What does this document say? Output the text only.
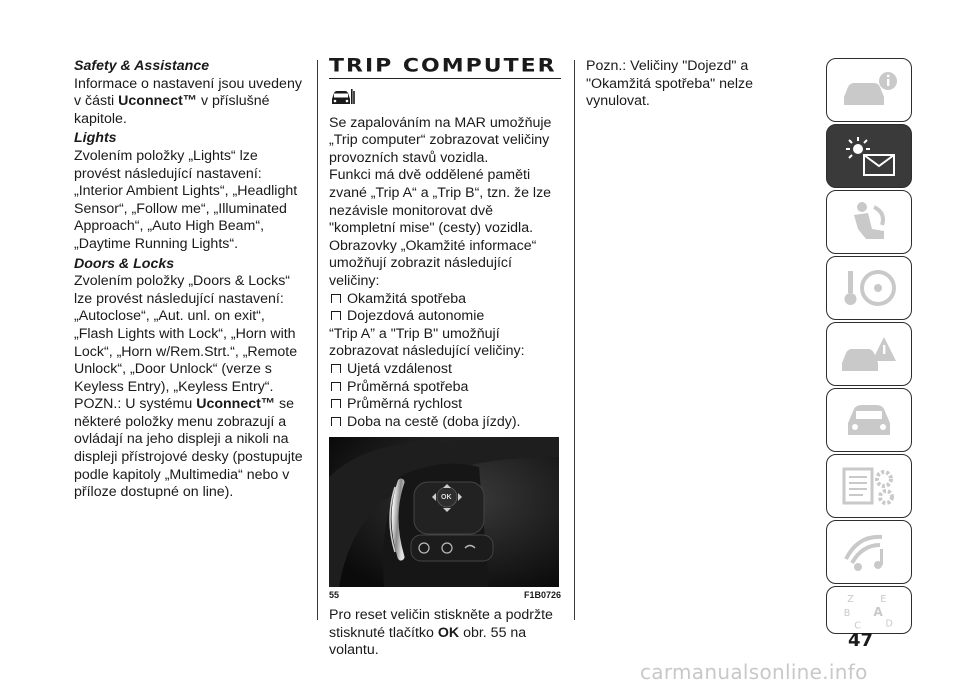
Safety & Assistance

Informace o nastavení jsou uvedeny v části Uconnect™ v příslušné kapitole.

Lights

Zvolením položky „Lights“ lze provést následující nastavení: „Interior Ambient Lights“, „Headlight Sensor“, „Follow me“, „Illuminated Approach“, „Auto High Beam“, „Daytime Running Lights“.

Doors & Locks

Zvolením položky „Doors & Locks“ lze provést následující nastavení: „Autoclose“, „Aut. unl. on exit“, „Flash Lights with Lock“, „Horn with Lock“, „Horn w/Rem.Strt.“, „Remote Unlock“, „Door Unlock“ (verze s Keyless Entry), „Keyless Entry“.

POZN.: U systému Uconnect™ se některé položky menu zobrazují a ovládají na jeho displeji a nikoli na displeji přístrojové desky (postupujte podle kapitoly „Multimedia“ nebo v příloze dostupné on line).

TRIP COMPUTER

Se zapalováním na MAR umožňuje „Trip computer“ zobrazovat veličiny provozních stavů vozidla.

Funkci má dvě oddělené paměti zvané „Trip A“ a „Trip B“, tzn. že lze nezávisle monitorovat dvě "kompletní mise" (cesty) vozidla.

Obrazovky „Okamžité informace“ umožňují zobrazit následující veličiny:

Okamžitá spotřeba
Dojezdová autonomie

“Trip A” a "Trip B" umožňují zobrazovat následující veličiny:

Ujetá vzdálenost
Průměrná spotřeba
Průměrná rychlost
Doba na cestě (doba jízdy).
OK
55	F1B0726

Pro reset veličin stiskněte a podržte stisknuté tlačítko OK obr. 55 na volantu.

Pozn.: Veličiny "Dojezd" a "Okamžitá spotřeba" nelze vynulovat.

Z E
B A
C D
47
carmanualsonline.info
